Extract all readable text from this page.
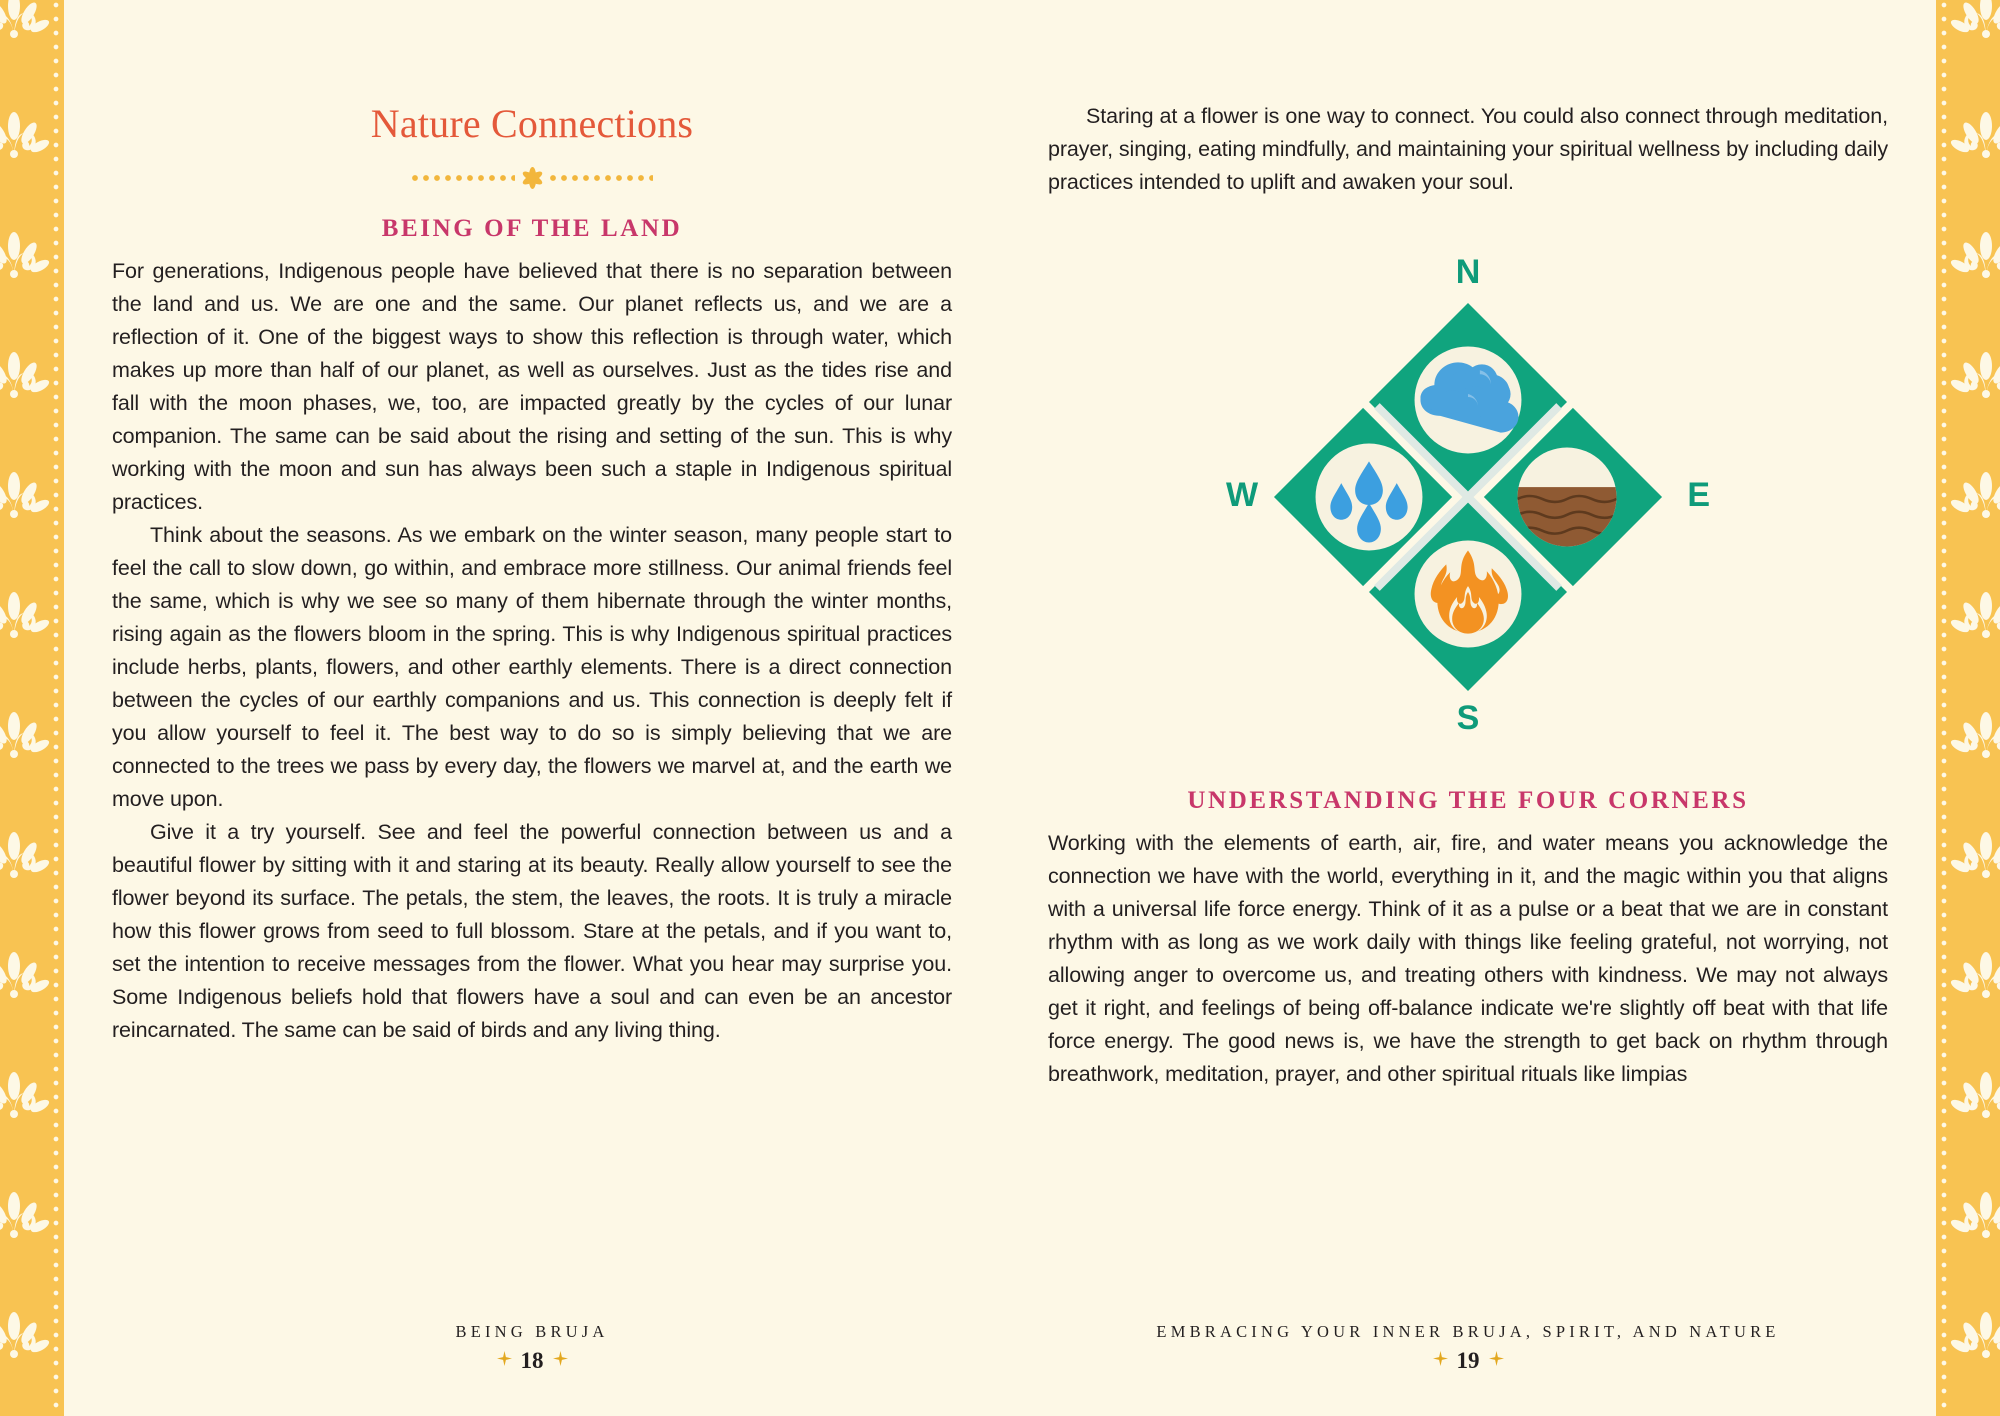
Nature Connections
BEING OF THE LAND

For generations, Indigenous people have believed that there is no separation between the land and us. We are one and the same. Our planet reflects us, and we are a reflection of it. One of the biggest ways to show this reflection is through water, which makes up more than half of our planet, as well as ourselves. Just as the tides rise and fall with the moon phases, we, too, are impacted greatly by the cycles of our lunar companion. The same can be said about the rising and setting of the sun. This is why working with the moon and sun has always been such a staple in Indigenous spiritual practices.

Think about the seasons. As we embark on the winter season, many people start to feel the call to slow down, go within, and embrace more stillness. Our animal friends feel the same, which is why we see so many of them hibernate through the winter months, rising again as the flowers bloom in the spring. This is why Indigenous spiritual practices include herbs, plants, flowers, and other earthly elements. There is a direct connection between the cycles of our earthly companions and us. This connection is deeply felt if you allow yourself to feel it. The best way to do so is simply believing that we are connected to the trees we pass by every day, the flowers we marvel at, and the earth we move upon.

Give it a try yourself. See and feel the powerful connection between us and a beautiful flower by sitting with it and staring at its beauty. Really allow yourself to see the flower beyond its surface. The petals, the stem, the leaves, the roots. It is truly a miracle how this flower grows from seed to full blossom. Stare at the petals, and if you want to, set the intention to receive messages from the flower. What you hear may surprise you. Some Indigenous beliefs hold that flowers have a soul and can even be an ancestor reincarnated. The same can be said of birds and any living thing.

BEING BRUJA

18

Staring at a flower is one way to connect. You could also connect through meditation, prayer, singing, eating mindfully, and maintaining your spiritual wellness by including daily practices intended to uplift and awaken your soul.

N
S
W	E
UNDERSTANDING THE FOUR CORNERS

Working with the elements of earth, air, fire, and water means you acknowledge the connection we have with the world, everything in it, and the magic within you that aligns with a universal life force energy. Think of it as a pulse or a beat that we are in constant rhythm with as long as we work daily with things like feeling grateful, not worrying, not allowing anger to overcome us, and treating others with kindness. We may not always get it right, and feelings of being off-balance indicate we're slightly off beat with that life force energy. The good news is, we have the strength to get back on rhythm through breathwork, meditation, prayer, and other spiritual rituals like limpias

EMBRACING YOUR INNER BRUJA, SPIRIT, AND NATURE

19
